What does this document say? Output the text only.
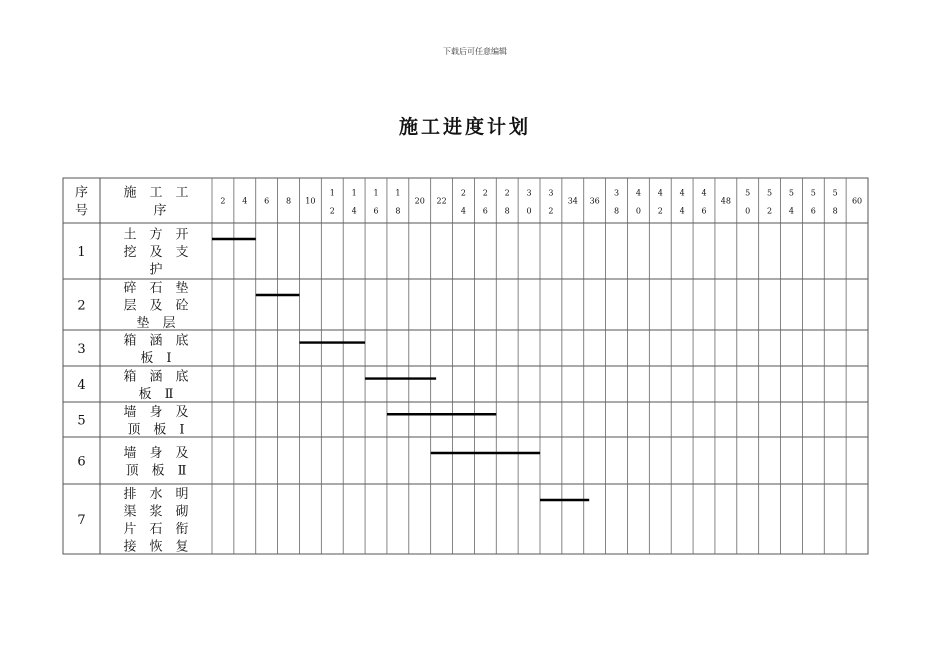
下载后可任意编辑
施工进度计划
序
号
施　工　工
序
2 4 6 8 10
1
2
1
4
1
6
1
8
20 22
2
4
2
6
2
8
3
0
3
2
34 36
3
8
4
0
4
2
4
4
4
6
48
5
0
5
2
5
4
5
6
5
8
60
1
土　方　开
挖　及　支
护
2
碎　石　垫
层　及　砼
垫　层
3
箱　涵　底
板　Ⅰ
4
箱　涵　底
板　Ⅱ
5
墙　身　及
顶　板　Ⅰ
6
墙　身　及
顶　板　Ⅱ
7
排　水　明
渠　浆　砌
片　石　衔
接　恢　复
